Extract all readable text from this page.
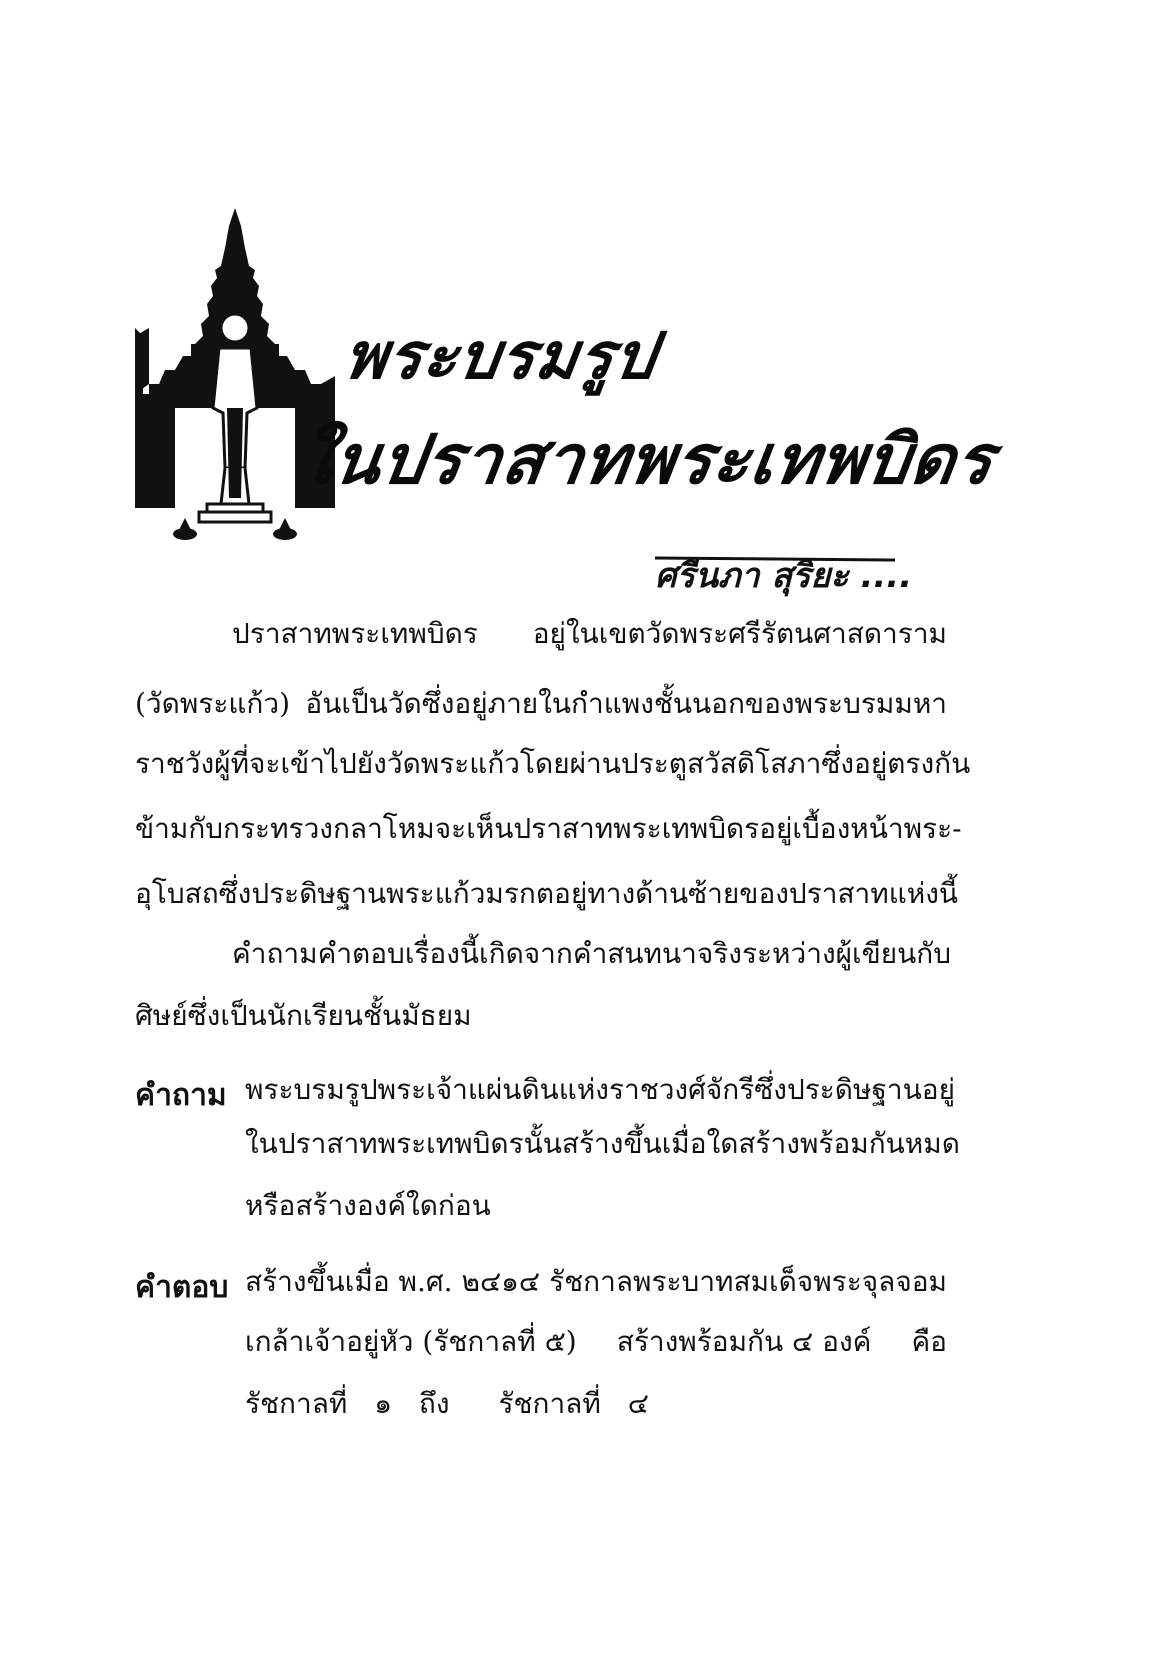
พระบรมรูป
ในปราสาทพระเทพบิดร
ศรีนภา สุริยะ ....
ปราสาทพระเทพบิดร อยู่ในเขตวัดพระศรีรัตนศาสดาราม
(วัดพระแก้ว) อันเป็นวัดซึ่งอยู่ภายในกำแพงชั้นนอกของพระบรมมหา
ราชวัง ผู้ที่จะเข้าไปยังวัดพระแก้วโดยผ่านประตูสวัสดิโสภาซึ่งอยู่ตรงกัน
ข้ามกับกระทรวงกลาโหม จะเห็นปราสาทพระเทพบิดรอยู่เบื้องหน้า พระ-
อุโบสถ ซึ่งประดิษฐานพระแก้วมรกตอยู่ทางด้านซ้ายของปราสาทแห่งนี้
คำถามคำตอบเรื่องนี้เกิดจากคำสนทนาจริง ระหว่างผู้เขียนกับ
ศิษย์ซึ่งเป็นนักเรียนชั้นมัธยม
คำถาม พระบรมรูปพระเจ้าแผ่นดินแห่งราชวงศ์จักรีซึ่งประดิษฐานอยู่
ในปราสาทพระเทพบิดรนั้นสร้างขึ้นเมื่อใด สร้างพร้อมกันหมด
หรือสร้างองค์ใดก่อน
คำตอบ สร้างขึ้นเมื่อ พ.ศ. ๒๔๑๔ รัชกาลพระบาทสมเด็จพระจุลจอม
เกล้าเจ้าอยู่หัว (รัชกาลที่ ๕) สร้างพร้อมกัน ๔ องค์ คือ
รัชกาลที่ ๑ ถึง รัชกาลที่ ๔
